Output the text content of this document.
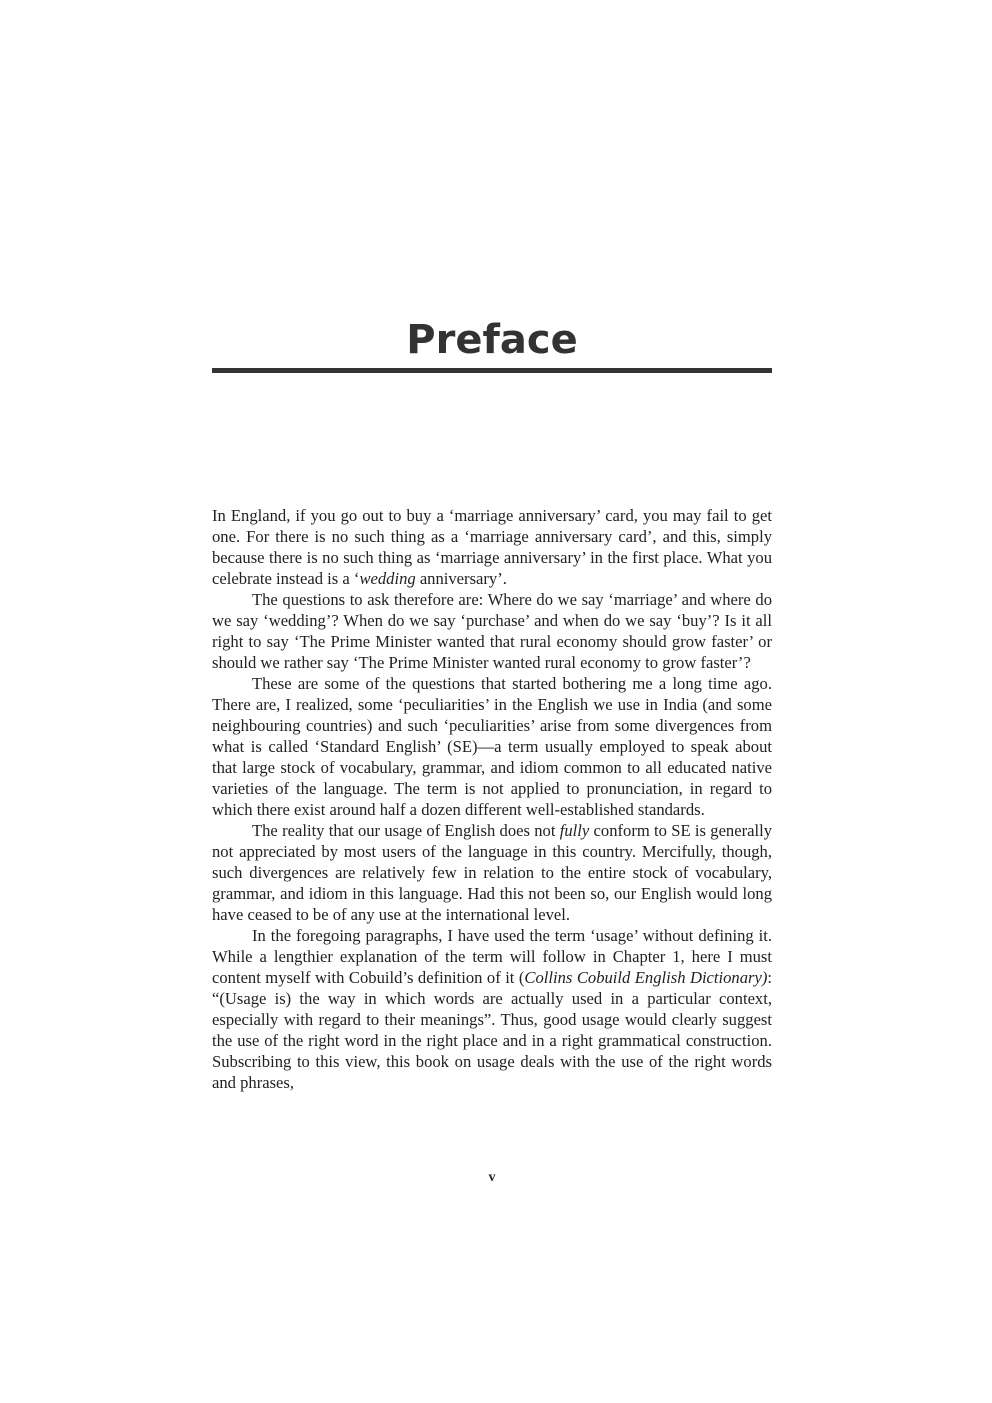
Preface

In England, if you go out to buy a ‘marriage anniversary’ card, you may fail to get one. For there is no such thing as a ‘marriage anniversary card’, and this, simply because there is no such thing as ‘marriage anniversary’ in the first place. What you celebrate instead is a ‘wedding anniversary’.

The questions to ask therefore are: Where do we say ‘marriage’ and where do we say ‘wedding’? When do we say ‘purchase’ and when do we say ‘buy’? Is it all right to say ‘The Prime Minister wanted that rural economy should grow faster’ or should we rather say ‘The Prime Minister wanted rural economy to grow faster’?

These are some of the questions that started bothering me a long time ago. There are, I realized, some ‘peculiarities’ in the English we use in India (and some neighbouring countries) and such ‘peculiarities’ arise from some divergences from what is called ‘Standard English’ (SE)—a term usually employed to speak about that large stock of vocabulary, grammar, and idiom common to all educated native varieties of the language. The term is not applied to pronunciation, in regard to which there exist around half a dozen different well-established standards.

The reality that our usage of English does not fully conform to SE is generally not appreciated by most users of the language in this country. Mercifully, though, such divergences are relatively few in relation to the entire stock of vocabulary, grammar, and idiom in this language. Had this not been so, our English would long have ceased to be of any use at the international level.

In the foregoing paragraphs, I have used the term ‘usage’ without defining it. While a lengthier explanation of the term will follow in Chapter 1, here I must content myself with Cobuild’s definition of it (Collins Cobuild English Dictionary): “(Usage is) the way in which words are actually used in a particular context, especially with regard to their meanings”. Thus, good usage would clearly suggest the use of the right word in the right place and in a right grammatical construction. Subscribing to this view, this book on usage deals with the use of the right words and phrases,

v
